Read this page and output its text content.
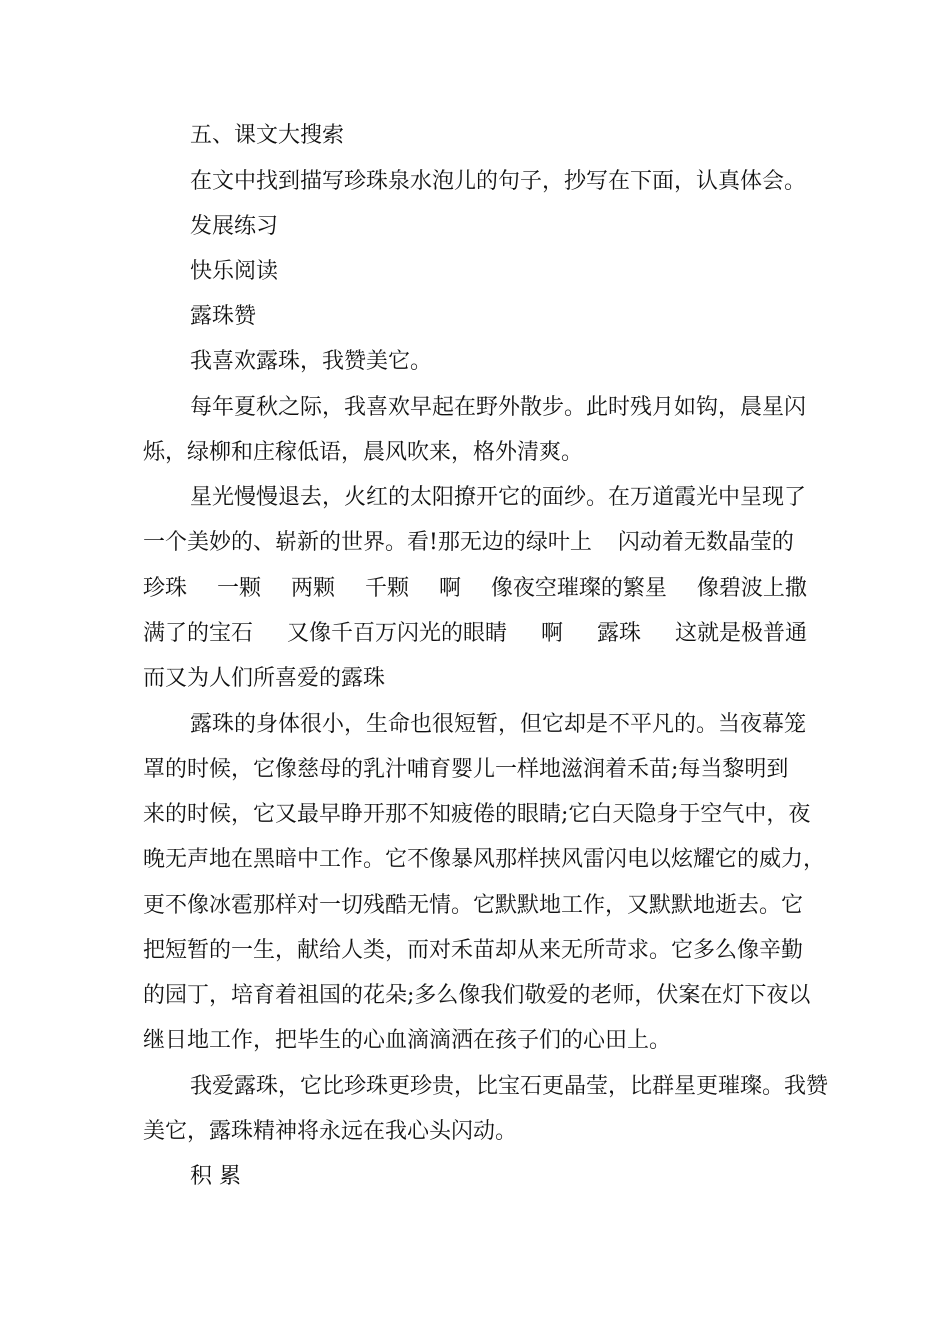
五、课文大搜索
在文中找到描写珍珠泉水泡儿的句子，抄写在下面，认真体会。
发展练习
快乐阅读
露珠赞
我喜欢露珠，我赞美它。
每年夏秋之际，我喜欢早起在野外散步。此时残月如钩，晨星闪
烁，绿柳和庄稼低语，晨风吹来，格外清爽。
星光慢慢退去，火红的太阳撩开它的面纱。在万道霞光中呈现了
一个美妙的、崭新的世界。看!那无边的绿叶上 闪动着无数晶莹的
珍珠 一颗 两颗 千颗 啊 像夜空璀璨的繁星 像碧波上撒
满了的宝石 又像千百万闪光的眼睛 啊 露珠 这就是极普通
而又为人们所喜爱的露珠
露珠的身体很小，生命也很短暂，但它却是不平凡的。当夜幕笼
罩的时候，它像慈母的乳汁哺育婴儿一样地滋润着禾苗;每当黎明到
来的时候，它又最早睁开那不知疲倦的眼睛;它白天隐身于空气中，夜
晚无声地在黑暗中工作。它不像暴风那样挟风雷闪电以炫耀它的威力，
更不像冰雹那样对一切残酷无情。它默默地工作，又默默地逝去。它
把短暂的一生，献给人类，而对禾苗却从来无所苛求。它多么像辛勤
的园丁，培育着祖国的花朵;多么像我们敬爱的老师，伏案在灯下夜以
继日地工作，把毕生的心血滴滴洒在孩子们的心田上。
我爱露珠，它比珍珠更珍贵，比宝石更晶莹，比群星更璀璨。我赞
美它，露珠精神将永远在我心头闪动。
积 累
